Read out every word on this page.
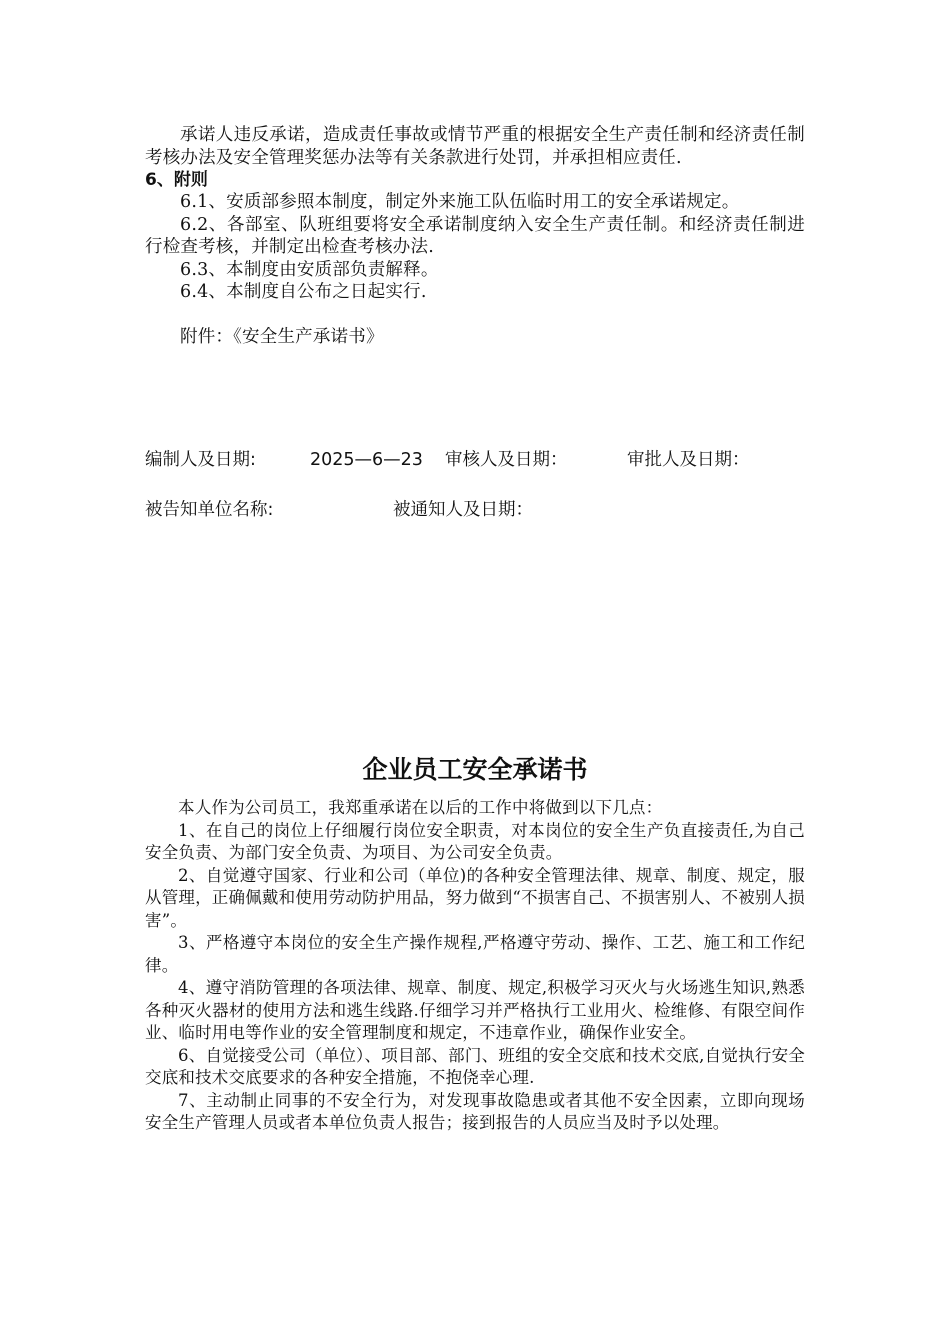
承诺人违反承诺，造成责任事故或情节严重的根据安全生产责任制和经济责任制考核办法及安全管理奖惩办法等有关条款进行处罚，并承担相应责任.

6、附则

6.1、安质部参照本制度，制定外来施工队伍临时用工的安全承诺规定。

6.2、各部室、队班组要将安全承诺制度纳入安全生产责任制。和经济责任制进行检查考核，并制定出检查考核办法.

6.3、本制度由安质部负责解释。

6.4、本制度自公布之日起实行.

附件：《安全生产承诺书》

编制人及日期:	2025—6—23 审核人及日期：	审批人及日期：
被告知单位名称:	被通知人及日期：
企业员工安全承诺书

本人作为公司员工，我郑重承诺在以后的工作中将做到以下几点：

1、在自己的岗位上仔细履行岗位安全职责，对本岗位的安全生产负直接责任,为自己安全负责、为部门安全负责、为项目、为公司安全负责。

2、自觉遵守国家、行业和公司（单位)的各种安全管理法律、规章、制度、规定，服从管理，正确佩戴和使用劳动防护用品，努力做到“不损害自己、不损害别人、不被别人损害”。

3、严格遵守本岗位的安全生产操作规程,严格遵守劳动、操作、工艺、施工和工作纪律。

4、遵守消防管理的各项法律、规章、制度、规定,积极学习灭火与火场逃生知识,熟悉各种灭火器材的使用方法和逃生线路.仔细学习并严格执行工业用火、检维修、有限空间作业、临时用电等作业的安全管理制度和规定，不违章作业，确保作业安全。

6、自觉接受公司（单位）、项目部、部门、班组的安全交底和技术交底,自觉执行安全交底和技术交底要求的各种安全措施，不抱侥幸心理.

7、主动制止同事的不安全行为，对发现事故隐患或者其他不安全因素，立即向现场安全生产管理人员或者本单位负责人报告；接到报告的人员应当及时予以处理。
